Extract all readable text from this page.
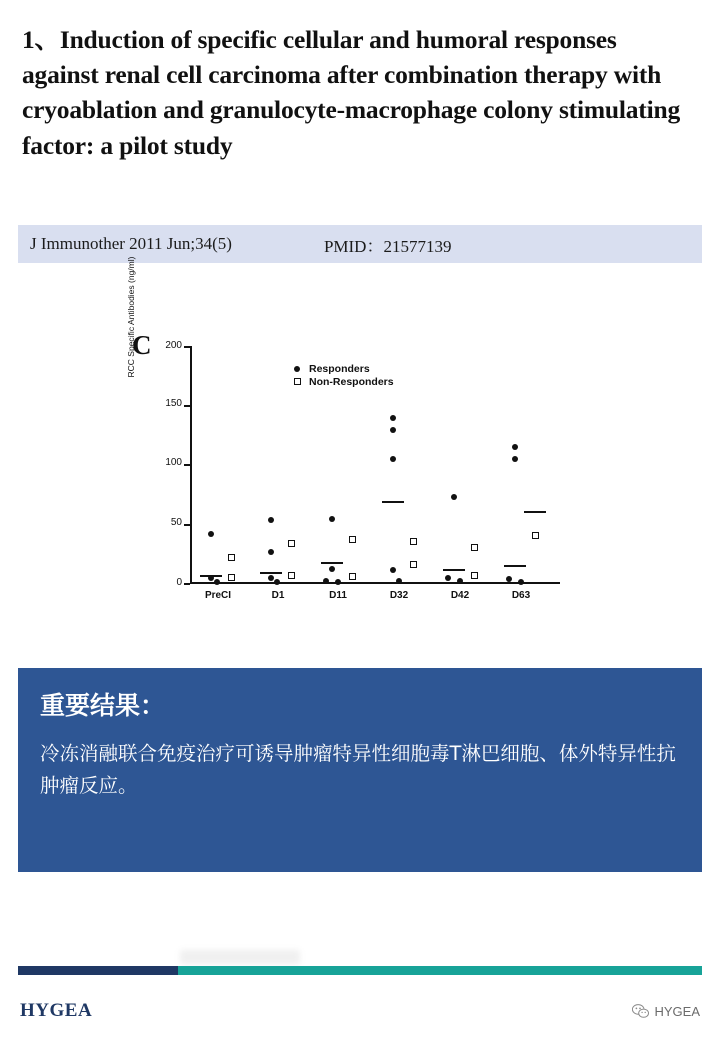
1、Induction of specific cellular and humoral responses against renal cell carcinoma after combination therapy with cryoablation and granulocyte-macrophage colony stimulating factor: a pilot study
J Immunother 2011 Jun;34(5)	PMID：21577139
C
RCC Specific Antibodies (ng/ml)
0
50
100
150
200
Responders
Non-Responders
PreCI	D1	D11	D32	D42	D63
重要结果：
冷冻消融联合免疫治疗可诱导肿瘤特异性细胞毒T淋巴细胞、体外特异性抗肿瘤反应。
HYGEA	HYGEA
